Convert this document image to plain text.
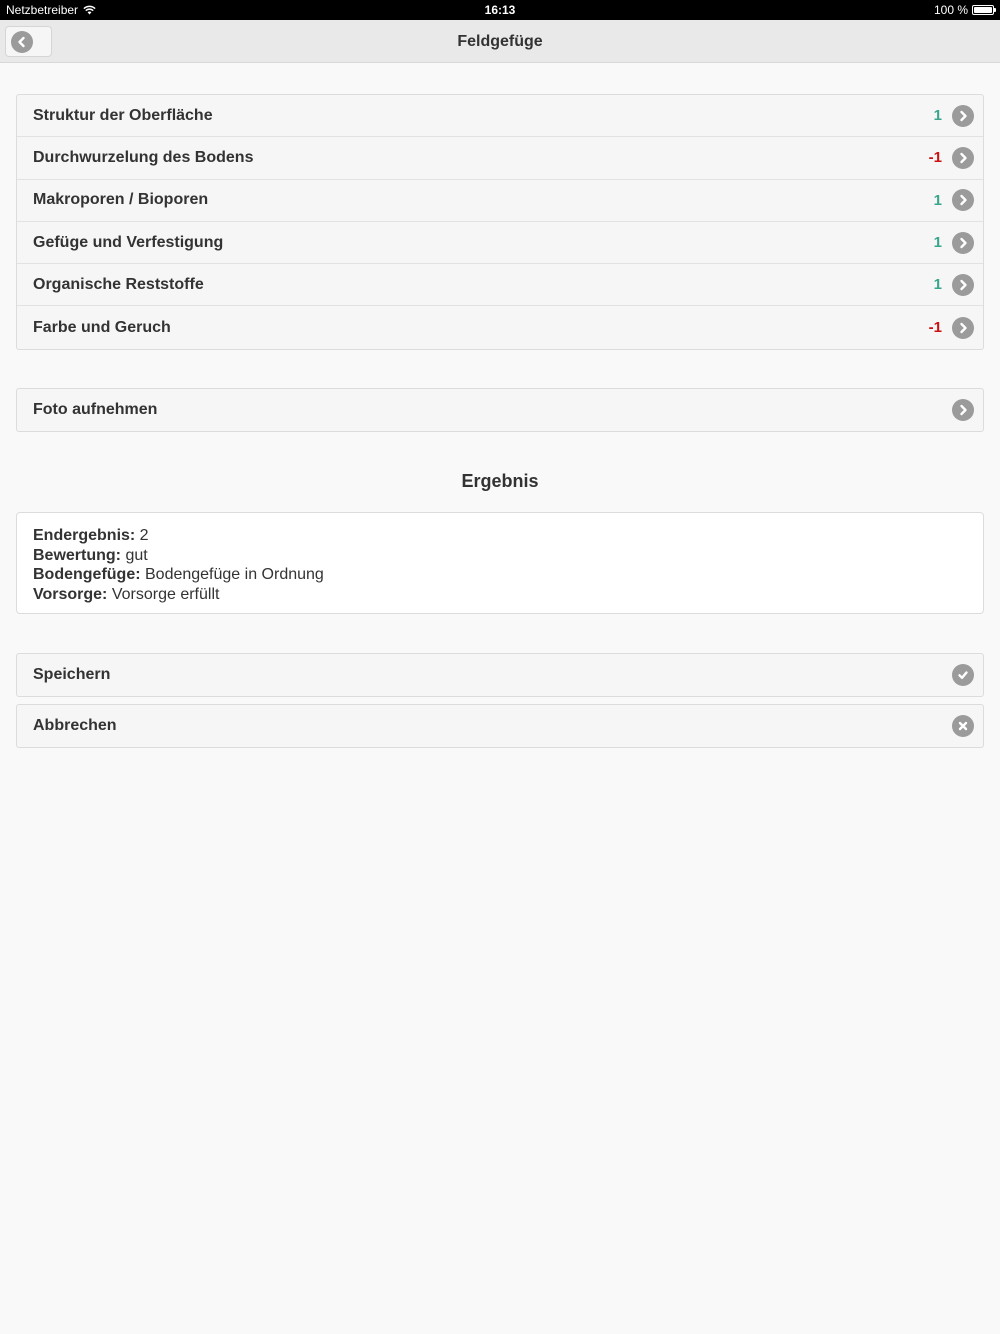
Netzbetreiber	16:13	100 %
Feldgefüge
Struktur der Oberfläche	1
Durchwurzelung des Bodens	-1
Makroporen / Bioporen	1
Gefüge und Verfestigung	1
Organische Reststoffe	1
Farbe und Geruch	-1
Foto aufnehmen
Ergebnis
Endergebnis: 2
Bewertung: gut
Bodengefüge: Bodengefüge in Ordnung
Vorsorge: Vorsorge erfüllt
Speichern
Abbrechen
